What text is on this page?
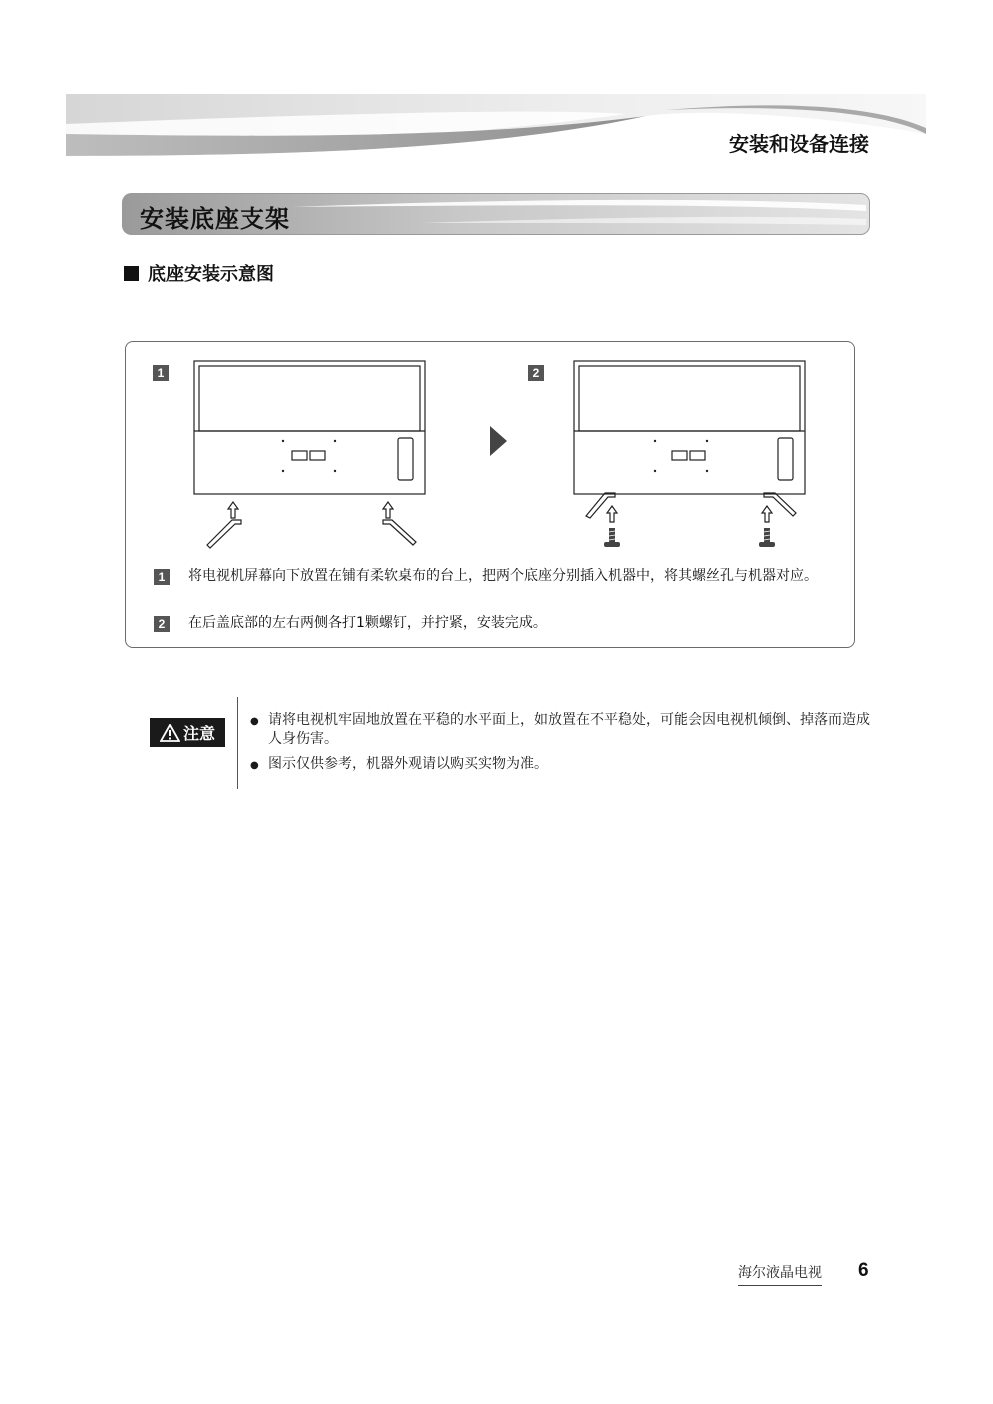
安装和设备连接
安装底座支架
底座安装示意图
1	2
1	将电视机屏幕向下放置在铺有柔软桌布的台上，把两个底座分别插入机器中，将其螺丝孔与机器对应。
2	在后盖底部的左右两侧各打1颗螺钉，并拧紧，安装完成。
注意
● 请将电视机牢固地放置在平稳的水平面上，如放置在不平稳处，可能会因电视机倾倒、掉落而造成人身伤害。
● 图示仅供参考，机器外观请以购买实物为准。
海尔液晶电视 6
